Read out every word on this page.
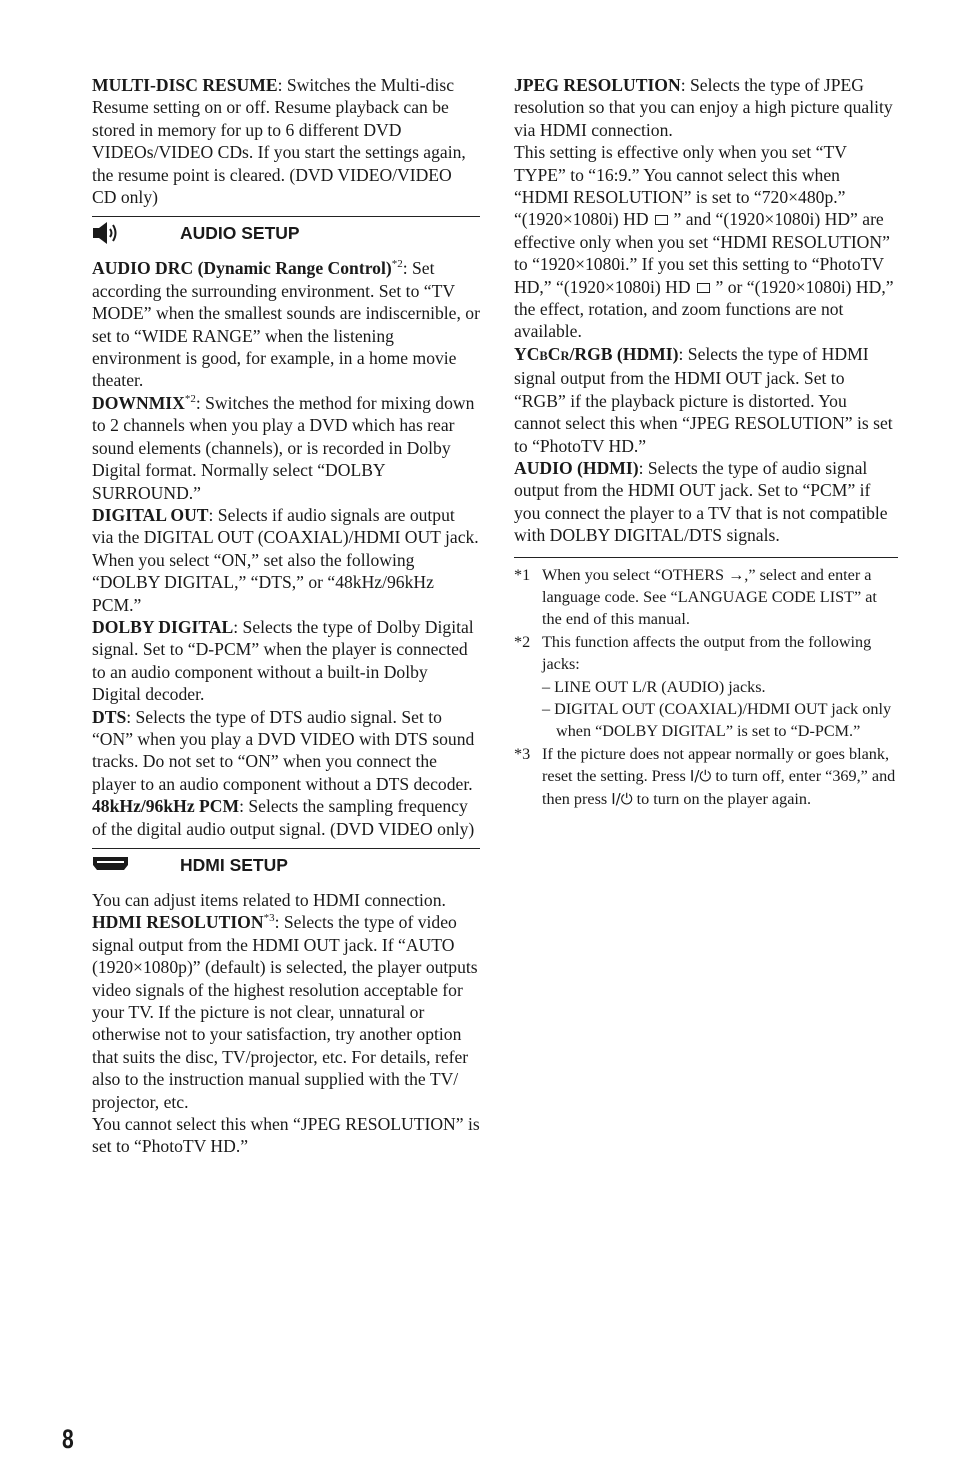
MULTI-DISC RESUME: Switches the Multi-disc Resume setting on or off. Resume playback can be stored in memory for up to 6 different DVD VIDEOs/VIDEO CDs. If you start the settings again, the resume point is cleared. (DVD VIDEO/VIDEO CD only)

AUDIO SETUP

AUDIO DRC (Dynamic Range Control)$^{*2}$: Set according the surrounding environment. Set to “TV MODE” when the smallest sounds are indiscernible, or set to “WIDE RANGE” when the listening environment is good, for example, in a home movie theater.

DOWNMIX$^{*2}$: Switches the method for mixing down to 2 channels when you play a DVD which has rear sound elements (channels), or is recorded in Dolby Digital format. Normally select “DOLBY SURROUND.”

DIGITAL OUT: Selects if audio signals are output via the DIGITAL OUT (COAXIAL)/HDMI OUT jack. When you select “ON,” set also the following “DOLBY DIGITAL,” “DTS,” or “48kHz/96kHz PCM.”

DOLBY DIGITAL: Selects the type of Dolby Digital signal. Set to “D-PCM” when the player is connected to an audio component without a built-in Dolby Digital decoder.

DTS: Selects the type of DTS audio signal. Set to “ON” when you play a DVD VIDEO with DTS sound tracks. Do not set to “ON” when you connect the player to an audio component without a DTS decoder.

48kHz/96kHz PCM: Selects the sampling frequency of the digital audio output signal. (DVD VIDEO only)

HDMI SETUP

You can adjust items related to HDMI connection.

HDMI RESOLUTION$^{*3}$: Selects the type of video signal output from the HDMI OUT jack. If “AUTO (1920×1080p)” (default) is selected, the player outputs video signals of the highest resolution acceptable for your TV. If the picture is not clear, unnatural or otherwise not to your satisfaction, try another option that suits the disc, TV/projector, etc. For details, refer also to the instruction manual supplied with the TV/ projector, etc.

You cannot select this when “JPEG RESOLUTION” is set to “PhotoTV HD.”

JPEG RESOLUTION: Selects the type of JPEG resolution so that you can enjoy a high picture quality via HDMI connection.

This setting is effective only when you set “TV TYPE” to “16:9.” You cannot select this when “HDMI RESOLUTION” is set to “720×480p.” “(1920×1080i) HD ” and “(1920×1080i) HD” are effective only when you set “HDMI RESOLUTION” to “1920×1080i.” If you set this setting to “PhotoTV HD,” “(1920×1080i) HD ” or “(1920×1080i) HD,” the effect, rotation, and zoom functions are not available.

YCBCR/RGB (HDMI): Selects the type of HDMI signal output from the HDMI OUT jack. Set to “RGB” if the playback picture is distorted. You cannot select this when “JPEG RESOLUTION” is set to “PhotoTV HD.”

AUDIO (HDMI): Selects the type of audio signal output from the HDMI OUT jack. Set to “PCM” if you connect the player to a TV that is not compatible with DOLBY DIGITAL/DTS signals.

*1 When you select “OTHERS →,” select and enter a language code. See “LANGUAGE CODE LIST” at the end of this manual.

*2 This function affects the output from the following jacks:
– LINE OUT L/R (AUDIO) jacks.
– DIGITAL OUT (COAXIAL)/HDMI OUT jack only when “DOLBY DIGITAL” is set to “D-PCM.”

*3 If the picture does not appear normally or goes blank, reset the setting. Press I/⏻ to turn off, enter “369,” and then press I/⏻ to turn on the player again.

8
